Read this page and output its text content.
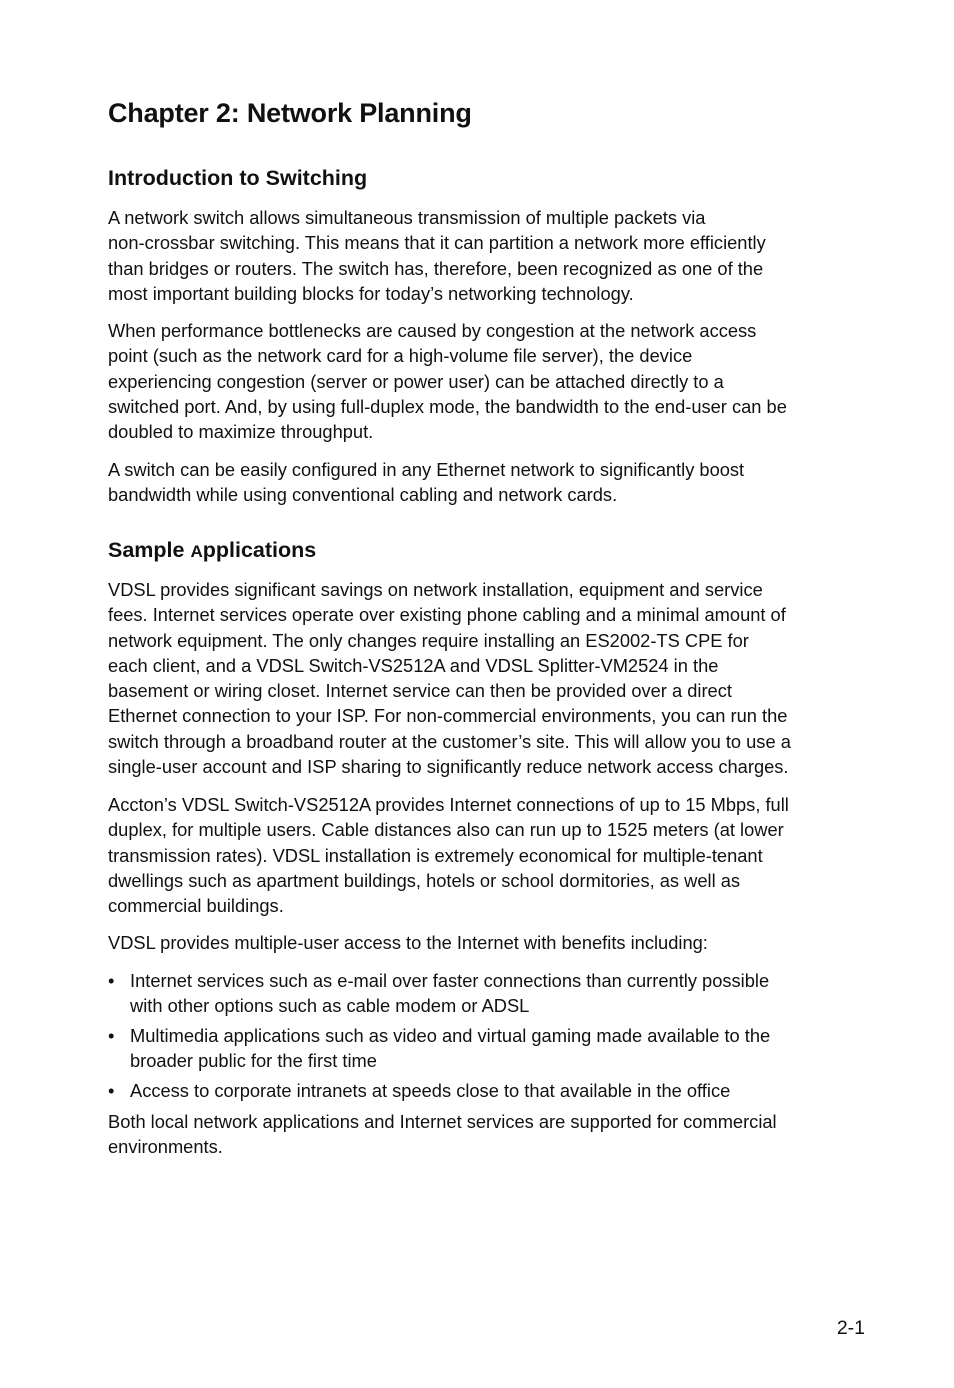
Chapter 2: Network Planning
Introduction to Switching
A network switch allows simultaneous transmission of multiple packets via
non-crossbar switching. This means that it can partition a network more efficiently
than bridges or routers. The switch has, therefore, been recognized as one of the
most important building blocks for today’s networking technology.
When performance bottlenecks are caused by congestion at the network access
point (such as the network card for a high-volume file server), the device
experiencing congestion (server or power user) can be attached directly to a
switched port. And, by using full-duplex mode, the bandwidth to the end-user can be
doubled to maximize throughput.
A switch can be easily configured in any Ethernet network to significantly boost
bandwidth while using conventional cabling and network cards.
Sample Applications
VDSL provides significant savings on network installation, equipment and service
fees. Internet services operate over existing phone cabling and a minimal amount of
network equipment. The only changes require installing an ES2002-TS CPE for
each client, and a VDSL Switch-VS2512A and VDSL Splitter-VM2524 in the
basement or wiring closet. Internet service can then be provided over a direct
Ethernet connection to your ISP. For non-commercial environments, you can run the
switch through a broadband router at the customer’s site. This will allow you to use a
single-user account and ISP sharing to significantly reduce network access charges.
Accton’s VDSL Switch-VS2512A provides Internet connections of up to 15 Mbps, full
duplex, for multiple users. Cable distances also can run up to 1525 meters (at lower
transmission rates). VDSL installation is extremely economical for multiple-tenant
dwellings such as apartment buildings, hotels or school dormitories, as well as
commercial buildings.
VDSL provides multiple-user access to the Internet with benefits including:
• Internet services such as e-mail over faster connections than currently possible
with other options such as cable modem or ADSL
• Multimedia applications such as video and virtual gaming made available to the
broader public for the first time
• Access to corporate intranets at speeds close to that available in the office
Both local network applications and Internet services are supported for commercial
environments.
2-1
